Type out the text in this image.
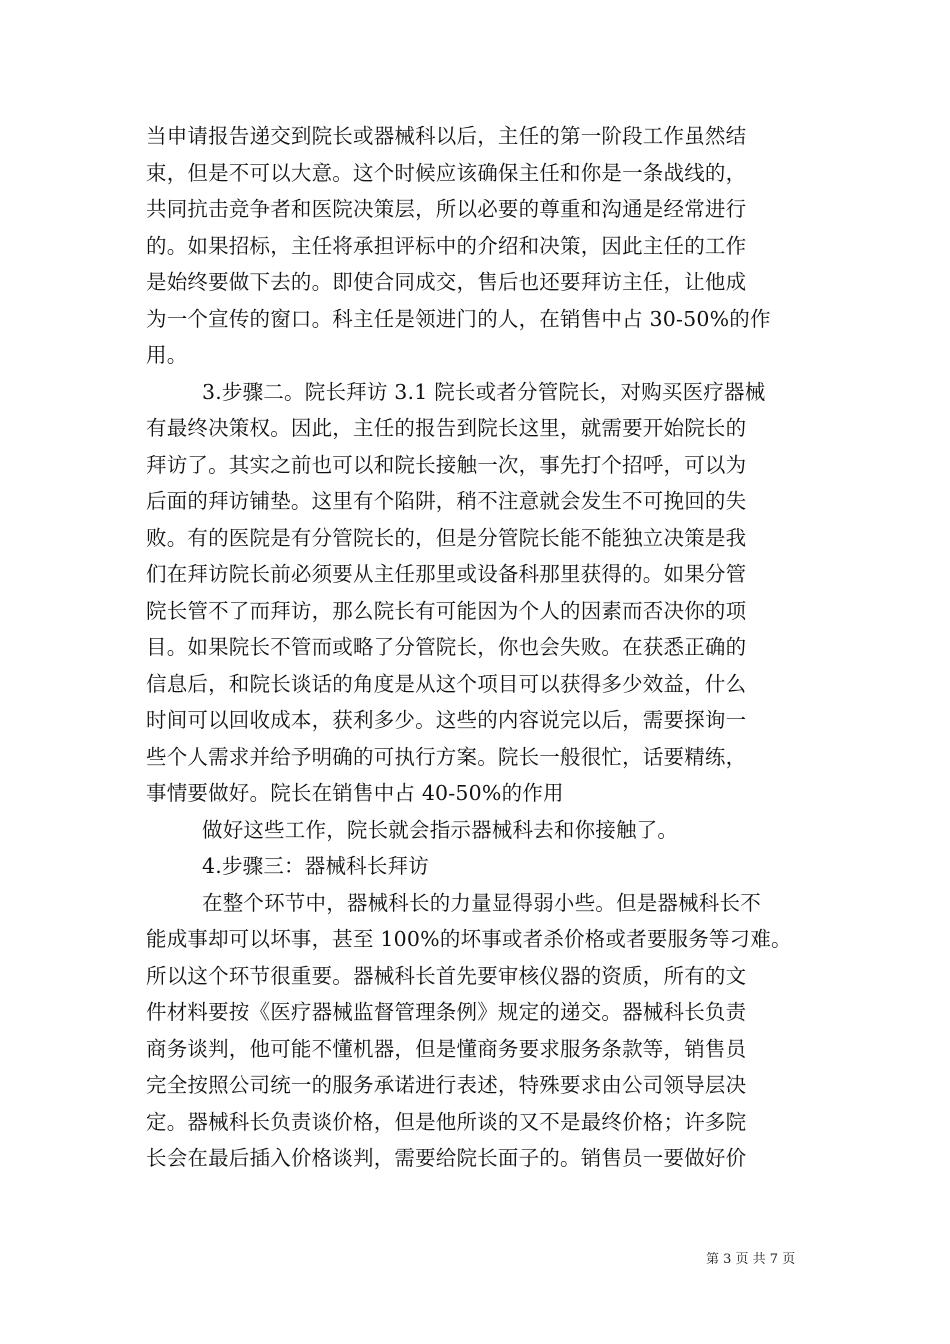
当申请报告递交到院长或器械科以后，主任的第一阶段工作虽然结
束，但是不可以大意。这个时候应该确保主任和你是一条战线的，
共同抗击竞争者和医院决策层，所以必要的尊重和沟通是经常进行
的。如果招标，主任将承担评标中的介绍和决策，因此主任的工作
是始终要做下去的。即使合同成交，售后也还要拜访主任，让他成
为一个宣传的窗口。科主任是领进门的人，在销售中占 30-50%的作
用。
3.步骤二。院长拜访 3.1 院长或者分管院长，对购买医疗器械
有最终决策权。因此，主任的报告到院长这里，就需要开始院长的
拜访了。其实之前也可以和院长接触一次，事先打个招呼，可以为
后面的拜访铺垫。这里有个陷阱，稍不注意就会发生不可挽回的失
败。有的医院是有分管院长的，但是分管院长能不能独立决策是我
们在拜访院长前必须要从主任那里或设备科那里获得的。如果分管
院长管不了而拜访，那么院长有可能因为个人的因素而否决你的项
目。如果院长不管而或略了分管院长，你也会失败。在获悉正确的
信息后，和院长谈话的角度是从这个项目可以获得多少效益，什么
时间可以回收成本，获利多少。这些的内容说完以后，需要探询一
些个人需求并给予明确的可执行方案。院长一般很忙，话要精练，
事情要做好。院长在销售中占 40-50%的作用
做好这些工作，院长就会指示器械科去和你接触了。
4.步骤三：器械科长拜访
在整个环节中，器械科长的力量显得弱小些。但是器械科长不
能成事却可以坏事，甚至 100%的坏事或者杀价格或者要服务等刁难。
所以这个环节很重要。器械科长首先要审核仪器的资质，所有的文
件材料要按《医疗器械监督管理条例》规定的递交。器械科长负责
商务谈判，他可能不懂机器，但是懂商务要求服务条款等，销售员
完全按照公司统一的服务承诺进行表述，特殊要求由公司领导层决
定。器械科长负责谈价格，但是他所谈的又不是最终价格；许多院
长会在最后插入价格谈判，需要给院长面子的。销售员一要做好价
第 3 页 共 7 页
